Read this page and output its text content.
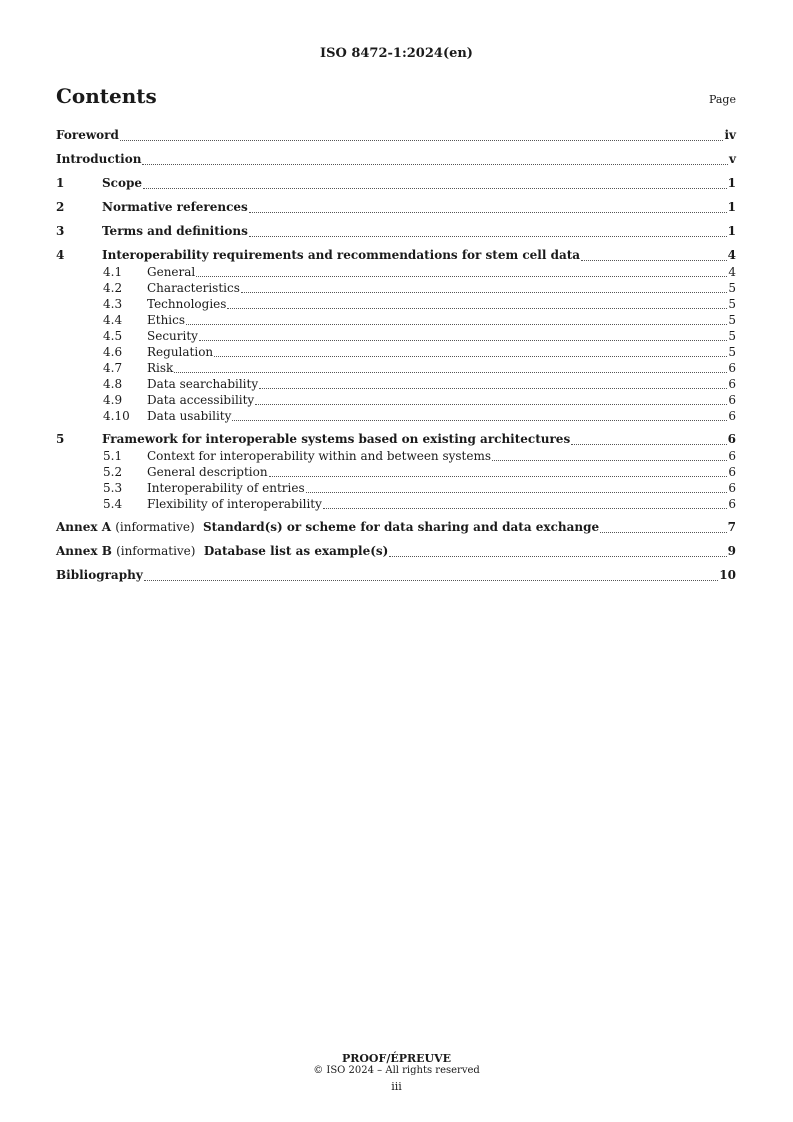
ISO 8472-1:2024(en)
Contents	Page
Foreword	iv
Introduction	v
1	Scope	1
2	Normative references	1
3	Terms and definitions	1
4	Interoperability requirements and recommendations for stem cell data	4
4.1 General	4
4.2 Characteristics	5
4.3 Technologies	5
4.4 Ethics	5
4.5 Security	5
4.6 Regulation	5
4.7 Risk	6
4.8 Data searchability	6
4.9 Data accessibility	6
4.10 Data usability	6
5	Framework for interoperable systems based on existing architectures	6
5.1 Context for interoperability within and between systems	6
5.2 General description	6
5.3 Interoperability of entries	6
5.4 Flexibility of interoperability	6
Annex A (informative) Standard(s) or scheme for data sharing and data exchange	7
Annex B (informative) Database list as example(s)	9
Bibliography	10
PROOF/ÉPREUVE
© ISO 2024 – All rights reserved
iii
